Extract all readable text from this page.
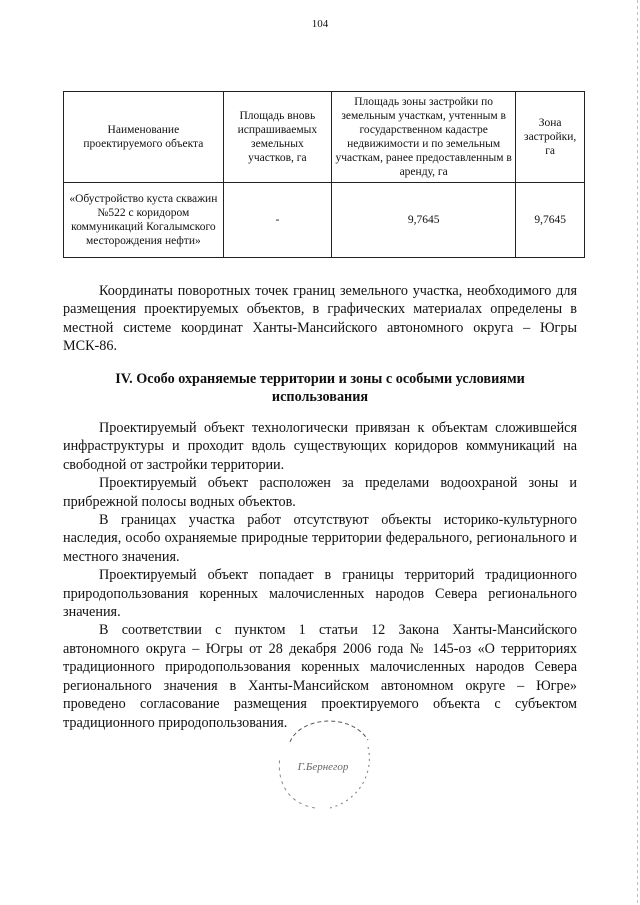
104
Наименование проектируемого объекта	Площадь вновь испрашиваемых земельных участков, га	Площадь зоны застройки по земельным участкам, учтенным в государственном кадастре недвижимости и по земельным участкам, ранее предоставленным в аренду, га	Зона застройки, га
«Обустройство куста скважин №522 с коридором коммуникаций Когалымского месторождения нефти»	-	9,7645	9,7645

Координаты поворотных точек границ земельного участка, необходимого для размещения проектируемых объектов, в графических материалах определены в местной системе координат Ханты-Мансийского автономного округа – Югры МСК-86.

IV. Особо охраняемые территории и зоны с особыми условиями
использования

Проектируемый объект технологически привязан к объектам сложившейся инфраструктуры и проходит вдоль существующих коридоров коммуникаций на свободной от застройки территории.

Проектируемый объект расположен за пределами водоохраной зоны и прибрежной полосы водных объектов.

В границах участка работ отсутствуют объекты историко-культурного наследия, особо охраняемые природные территории федерального, регионального и местного значения.

Проектируемый объект попадает в границы территорий традиционного природопользования коренных малочисленных народов Севера регионального значения.

В соответствии с пунктом 1 статьи 12 Закона Ханты-Мансийского автономного округа – Югры от 28 декабря 2006 года № 145-оз «О территориях традиционного природопользования коренных малочисленных народов Севера регионального значения в Ханты-Мансийском автономном округе – Югре» проведено согласование размещения проектируемого объекта с субъектом традиционного природопользования.

Г.Бернегор
